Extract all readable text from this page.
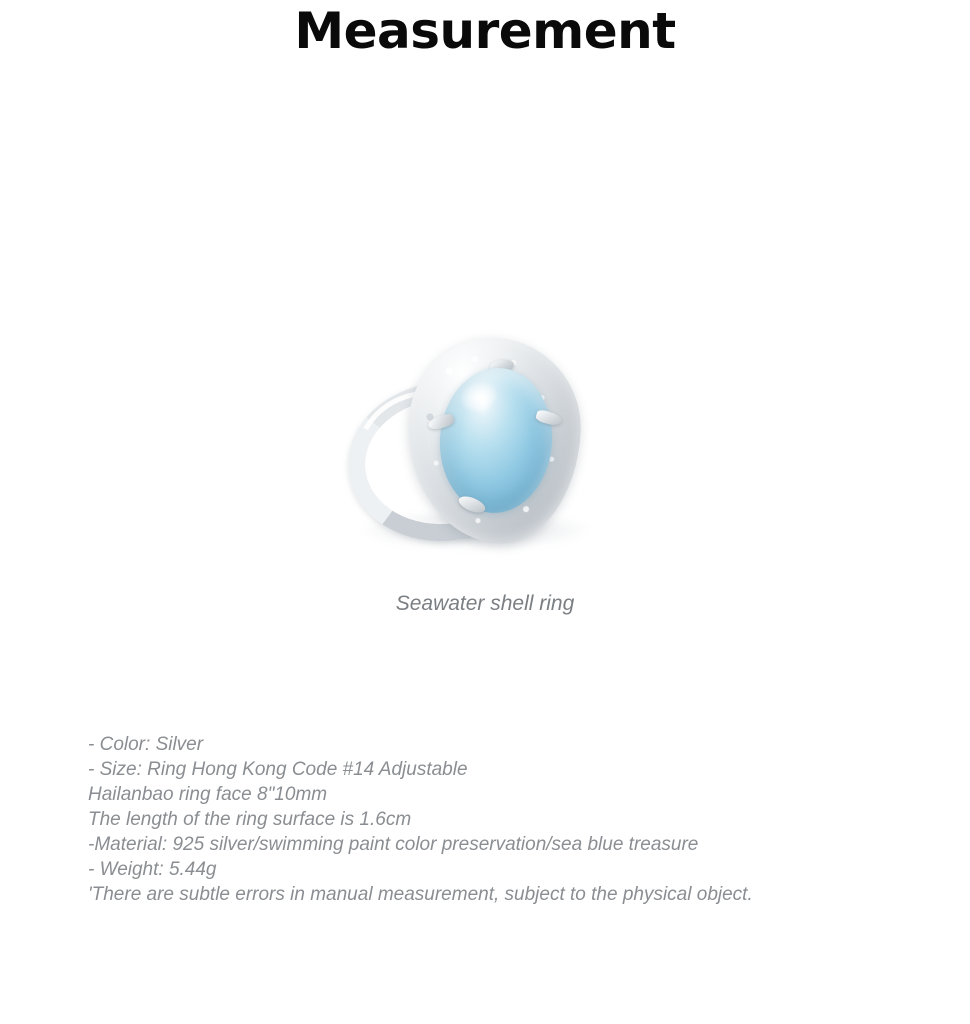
Measurement
Seawater shell ring
- Color: Silver
- Size: Ring Hong Kong Code #14 Adjustable
Hailanbao ring face 8"10mm
The length of the ring surface is 1.6cm
-Material: 925 silver/swimming paint color preservation/sea blue treasure
- Weight: 5.44g
'There are subtle errors in manual measurement, subject to the physical object.
